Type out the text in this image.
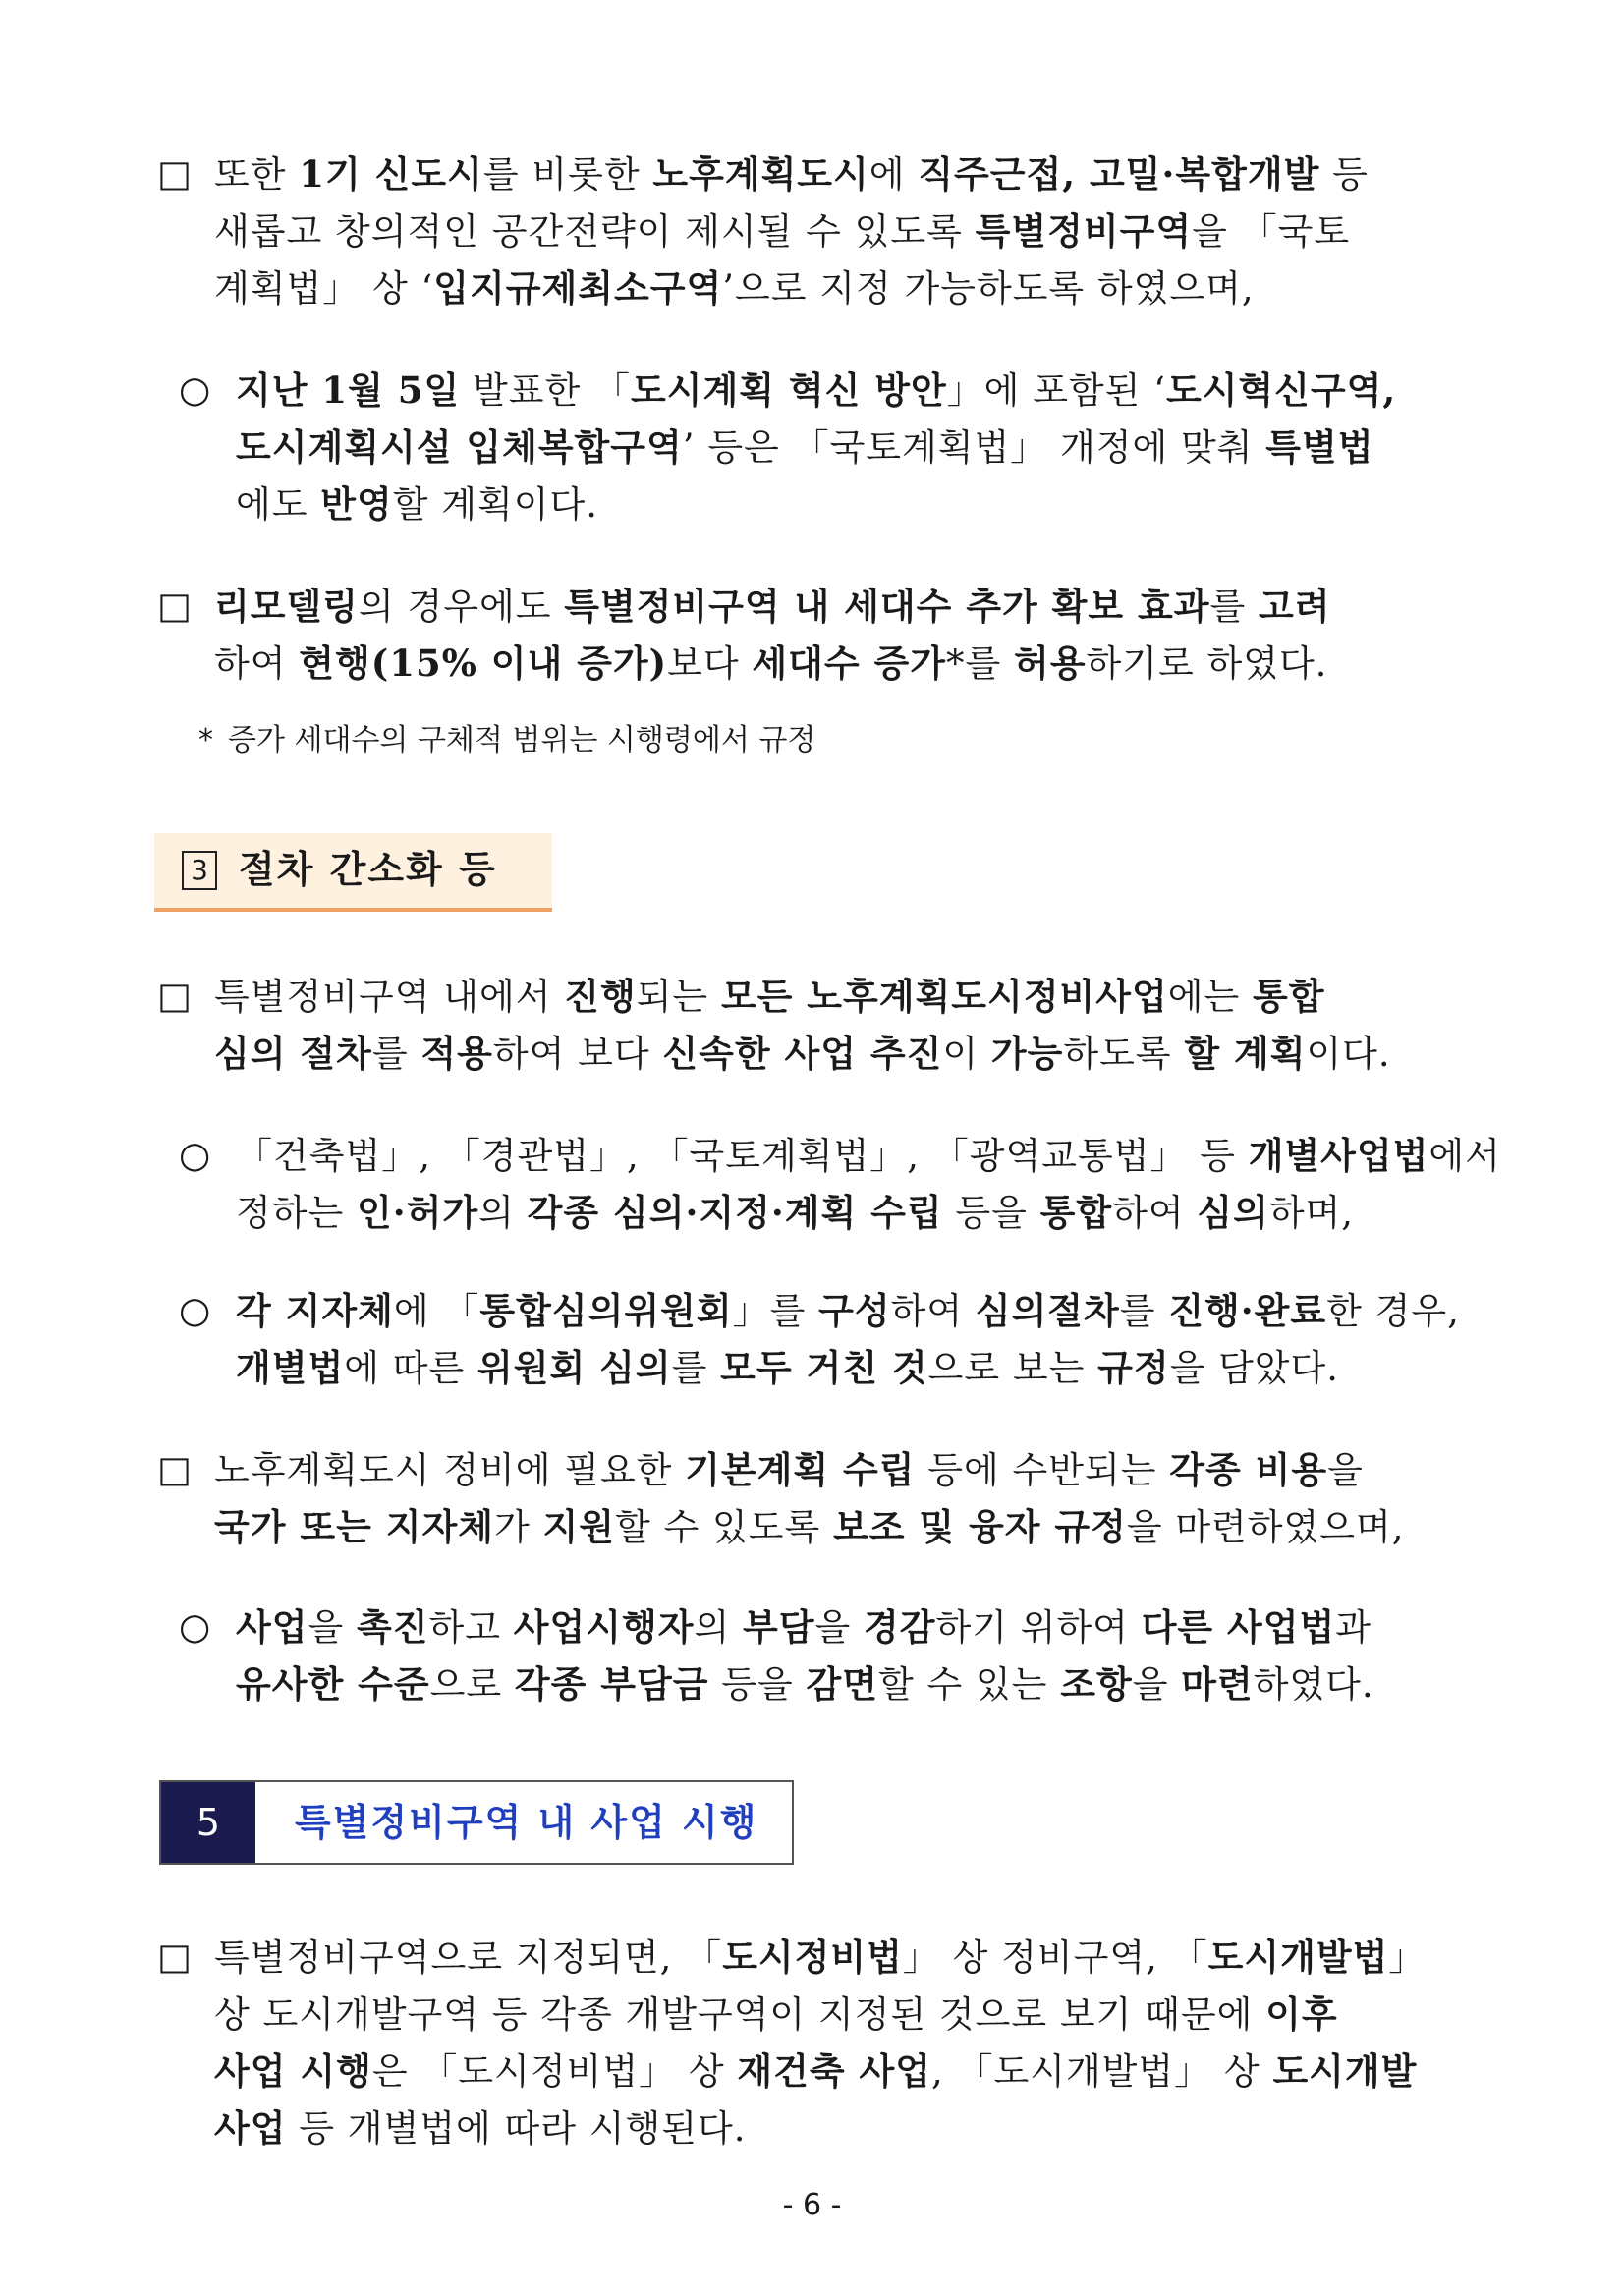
□ 또한 1기 신도시를 비롯한 노후계획도시에 직주근접, 고밀·복합개발 등
새롭고 창의적인 공간전략이 제시될 수 있도록 특별정비구역을 「국토
계획법」 상 ‘입지규제최소구역’으로 지정 가능하도록 하였으며,
○ 지난 1월 5일 발표한 「도시계획 혁신 방안」에 포함된 ‘도시혁신구역,
도시계획시설 입체복합구역’ 등은 「국토계획법」 개정에 맞춰 특별법
에도 반영할 계획이다.
□ 리모델링의 경우에도 특별정비구역 내 세대수 추가 확보 효과를 고려
하여 현행(15% 이내 증가)보다 세대수 증가*를 허용하기로 하였다.
* 증가 세대수의 구체적 범위는 시행령에서 규정
3 절차 간소화 등
□ 특별정비구역 내에서 진행되는 모든 노후계획도시정비사업에는 통합
심의 절차를 적용하여 보다 신속한 사업 추진이 가능하도록 할 계획이다.
○ 「건축법」, 「경관법」, 「국토계획법」, 「광역교통법」 등 개별사업법에서
정하는 인·허가의 각종 심의·지정·계획 수립 등을 통합하여 심의하며,
○ 각 지자체에 「통합심의위원회」를 구성하여 심의절차를 진행·완료한 경우,
개별법에 따른 위원회 심의를 모두 거친 것으로 보는 규정을 담았다.
□ 노후계획도시 정비에 필요한 기본계획 수립 등에 수반되는 각종 비용을
국가 또는 지자체가 지원할 수 있도록 보조 및 융자 규정을 마련하였으며,
○ 사업을 촉진하고 사업시행자의 부담을 경감하기 위하여 다른 사업법과
유사한 수준으로 각종 부담금 등을 감면할 수 있는 조항을 마련하였다.
5	특별정비구역 내 사업 시행
□ 특별정비구역으로 지정되면, 「도시정비법」 상 정비구역, 「도시개발법」
상 도시개발구역 등 각종 개발구역이 지정된 것으로 보기 때문에 이후
사업 시행은 「도시정비법」 상 재건축 사업, 「도시개발법」 상 도시개발
사업 등 개별법에 따라 시행된다.
- 6 -
